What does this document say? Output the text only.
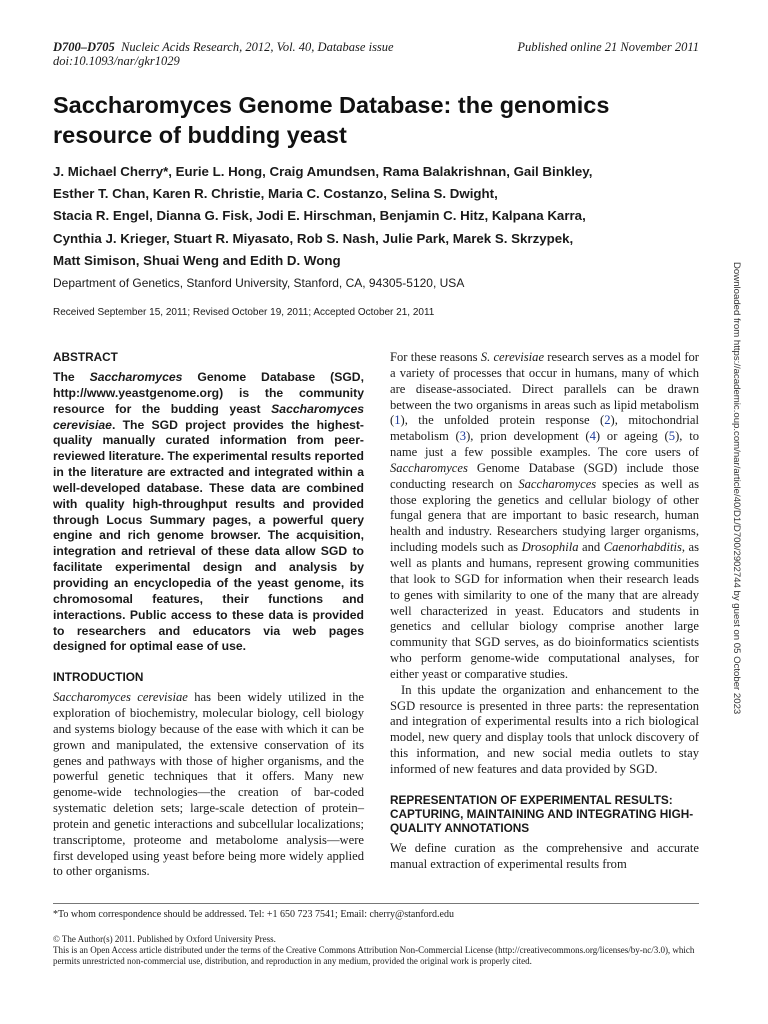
D700–D705 Nucleic Acids Research, 2012, Vol. 40, Database issue
doi:10.1093/nar/gkr1029
Published online 21 November 2011
Saccharomyces Genome Database: the genomics
resource of budding yeast
J. Michael Cherry*, Eurie L. Hong, Craig Amundsen, Rama Balakrishnan, Gail Binkley,
Esther T. Chan, Karen R. Christie, Maria C. Costanzo, Selina S. Dwight,
Stacia R. Engel, Dianna G. Fisk, Jodi E. Hirschman, Benjamin C. Hitz, Kalpana Karra,
Cynthia J. Krieger, Stuart R. Miyasato, Rob S. Nash, Julie Park, Marek S. Skrzypek,
Matt Simison, Shuai Weng and Edith D. Wong
Department of Genetics, Stanford University, Stanford, CA, 94305-5120, USA
Received September 15, 2011; Revised October 19, 2011; Accepted October 21, 2011	Downloaded from https://academic.oup.com/nar/article/40/D1/D700/2902744 by guest on 05 October 2023
ABSTRACT

The Saccharomyces Genome Database (SGD, http://www.yeastgenome.org) is the community resource for the budding yeast Saccharomyces cerevisiae. The SGD project provides the highest-quality manually curated information from peer-reviewed literature. The experimental results reported in the literature are extracted and integrated within a well-developed database. These data are combined with quality high-throughput results and provided through Locus Summary pages, a powerful query engine and rich genome browser. The acquisition, integration and retrieval of these data allow SGD to facilitate experimental design and analysis by providing an encyclopedia of the yeast genome, its chromosomal features, their functions and interactions. Public access to these data is provided to researchers and educators via web pages designed for optimal ease of use.

INTRODUCTION

Saccharomyces cerevisiae has been widely utilized in the exploration of biochemistry, molecular biology, cell biology and systems biology because of the ease with which it can be grown and manipulated, the extensive conservation of its genes and pathways with those of higher organisms, and the powerful genetic techniques that it offers. Many new genome-wide technologies—the creation of bar-coded systematic deletion sets; large-scale detection of protein–protein and genetic interactions and subcellular localizations; transcriptome, proteome and metabolome analysis—were first developed using yeast before being more widely applied to other organisms.

For these reasons S. cerevisiae research serves as a model for a variety of processes that occur in humans, many of which are disease-associated. Direct parallels can be drawn between the two organisms in areas such as lipid metabolism (1), the unfolded protein response (2), mitochondrial metabolism (3), prion development (4) or ageing (5), to name just a few possible examples. The core users of Saccharomyces Genome Database (SGD) include those conducting research on Saccharomyces species as well as those exploring the genetics and cellular biology of other fungal genera that are important to basic research, human health and industry. Researchers studying larger organisms, including models such as Drosophila and Caenorhabditis, as well as plants and humans, represent growing communities that look to SGD for information when their research leads to genes with similarity to one of the many that are already well characterized in yeast. Educators and students in genetics and cellular biology comprise another large community that SGD serves, as do bioinformatics scientists who perform genome-wide computational analyses, for either yeast or comparative studies.

In this update the organization and enhancement to the SGD resource is presented in three parts: the representation and integration of experimental results into a rich biological model, new query and display tools that unlock discovery of this information, and new social media outlets to stay informed of new features and data provided by SGD.

REPRESENTATION OF EXPERIMENTAL RESULTS: CAPTURING, MAINTAINING AND INTEGRATING HIGH-QUALITY ANNOTATIONS

We define curation as the comprehensive and accurate manual extraction of experimental results from

*To whom correspondence should be addressed. Tel: +1 650 723 7541; Email: cherry@stanford.edu
© The Author(s) 2011. Published by Oxford University Press.
This is an Open Access article distributed under the terms of the Creative Commons Attribution Non-Commercial License (http://creativecommons.org/licenses/by-nc/3.0), which permits unrestricted non-commercial use, distribution, and reproduction in any medium, provided the original work is properly cited.
